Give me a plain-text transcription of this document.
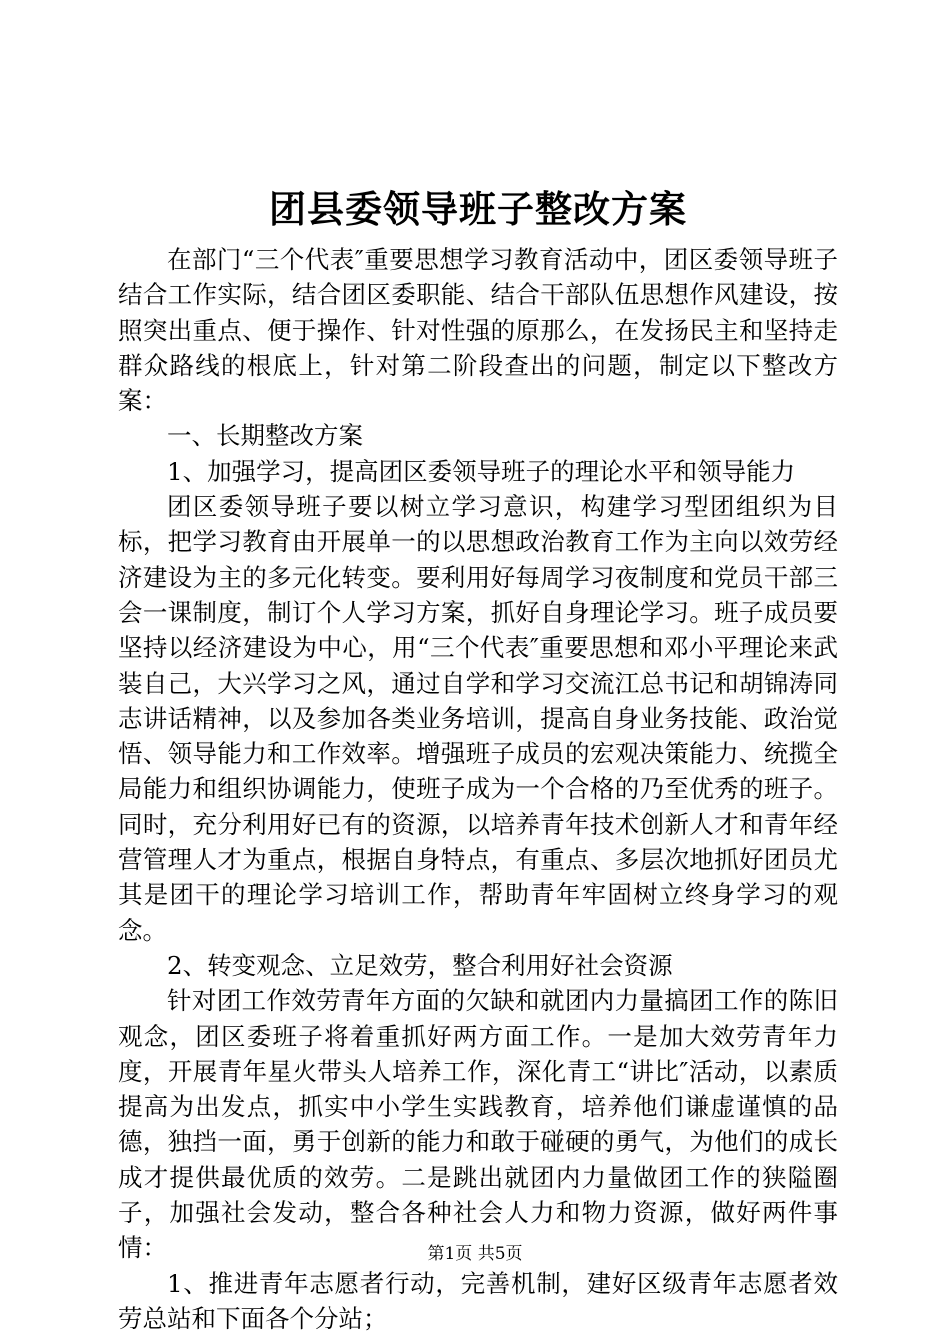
团县委领导班子整改方案

在部门“三个代表″重要思想学习教育活动中，团区委领导班子结合工作实际，结合团区委职能、结合干部队伍思想作风建设，按照突出重点、便于操作、针对性强的原那么，在发扬民主和坚持走群众路线的根底上，针对第二阶段查出的问题，制定以下整改方案：

一、长期整改方案

1、加强学习，提高团区委领导班子的理论水平和领导能力

团区委领导班子要以树立学习意识，构建学习型团组织为目标，把学习教育由开展单一的以思想政治教育工作为主向以效劳经济建设为主的多元化转变。要利用好每周学习夜制度和党员干部三会一课制度，制订个人学习方案，抓好自身理论学习。班子成员要坚持以经济建设为中心，用“三个代表″重要思想和邓小平理论来武装自己，大兴学习之风，通过自学和学习交流江总书记和胡锦涛同志讲话精神，以及参加各类业务培训，提高自身业务技能、政治觉悟、领导能力和工作效率。增强班子成员的宏观决策能力、统揽全局能力和组织协调能力，使班子成为一个合格的乃至优秀的班子。同时，充分利用好已有的资源，以培养青年技术创新人才和青年经营管理人才为重点，根据自身特点，有重点、多层次地抓好团员尤其是团干的理论学习培训工作，帮助青年牢固树立终身学习的观念。

2、转变观念、立足效劳，整合利用好社会资源

针对团工作效劳青年方面的欠缺和就团内力量搞团工作的陈旧观念，团区委班子将着重抓好两方面工作。一是加大效劳青年力度，开展青年星火带头人培养工作，深化青工“讲比″活动，以素质提高为出发点，抓实中小学生实践教育，培养他们谦虚谨慎的品德，独挡一面，勇于创新的能力和敢于碰硬的勇气，为他们的成长成才提供最优质的效劳。二是跳出就团内力量做团工作的狭隘圈子，加强社会发动，整合各种社会人力和物力资源，做好两件事情：

1、推进青年志愿者行动，完善机制，建好区级青年志愿者效劳总站和下面各个分站；

第1页 共5页
